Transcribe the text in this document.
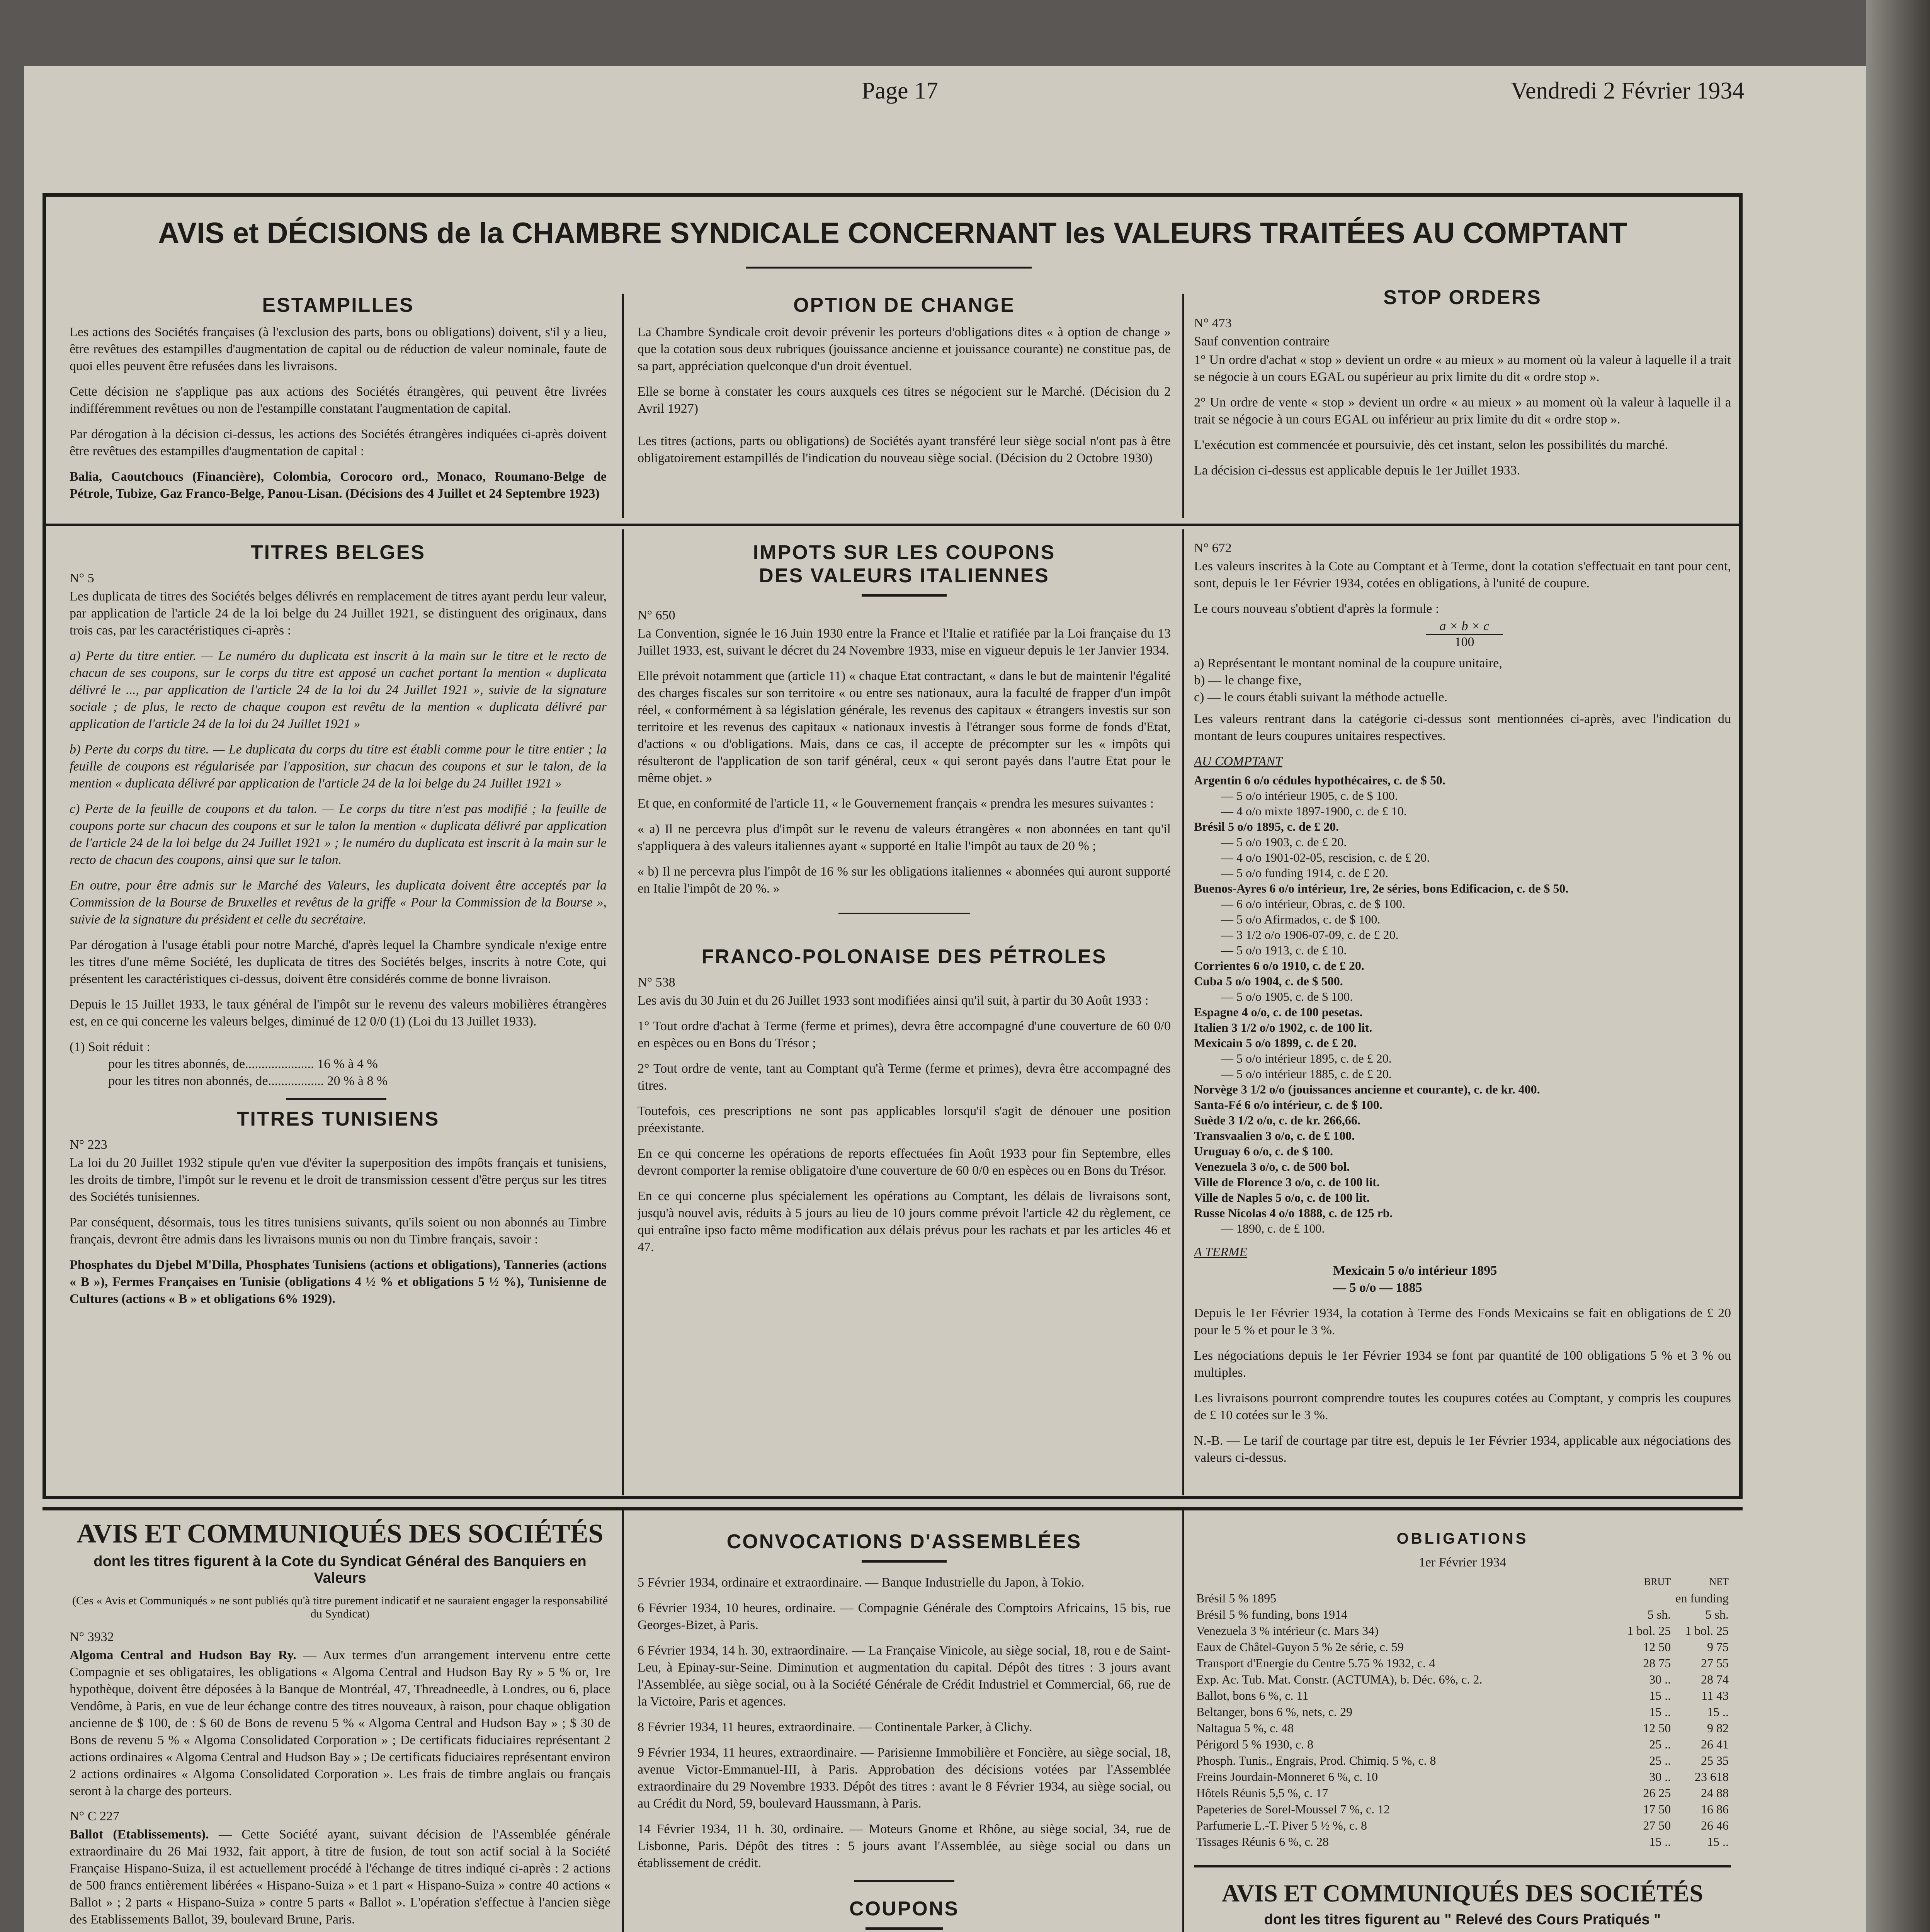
Page 17	Vendredi 2 Février 1934
AVIS et DÉCISIONS de la CHAMBRE SYNDICALE CONCERNANT les VALEURS TRAITÉES AU COMPTANT
ESTAMPILLES

Les actions des Sociétés françaises (à l'exclusion des parts, bons ou obligations) doivent, s'il y a lieu, être revêtues des estampilles d'augmentation de capital ou de réduction de valeur nominale, faute de quoi elles peuvent être refusées dans les livraisons.

Cette décision ne s'applique pas aux actions des Sociétés étrangères, qui peuvent être livrées indifféremment revêtues ou non de l'estampille constatant l'augmentation de capital.

Par dérogation à la décision ci-dessus, les actions des Sociétés étrangères indiquées ci-après doivent être revêtues des estampilles d'augmentation de capital :

Balia, Caoutchoucs (Financière), Colombia, Corocoro ord., Monaco, Roumano-Belge de Pétrole, Tubize, Gaz Franco-Belge, Panou-Lisan. (Décisions des 4 Juillet et 24 Septembre 1923)

OPTION DE CHANGE

La Chambre Syndicale croit devoir prévenir les porteurs d'obligations dites « à option de change » que la cotation sous deux rubriques (jouissance ancienne et jouissance courante) ne constitue pas, de sa part, appréciation quelconque d'un droit éventuel.

Elle se borne à constater les cours auxquels ces titres se négocient sur le Marché. (Décision du 2 Avril 1927)

Les titres (actions, parts ou obligations) de Sociétés ayant transféré leur siège social n'ont pas à être obligatoirement estampillés de l'indication du nouveau siège social. (Décision du 2 Octobre 1930)

STOP ORDERS
N° 473

Sauf convention contraire

1° Un ordre d'achat « stop » devient un ordre « au mieux » au moment où la valeur à laquelle il a trait se négocie à un cours EGAL ou supérieur au prix limite du dit « ordre stop ».

2° Un ordre de vente « stop » devient un ordre « au mieux » au moment où la valeur à laquelle il a trait se négocie à un cours EGAL ou inférieur au prix limite du dit « ordre stop ».

L'exécution est commencée et poursuivie, dès cet instant, selon les possibilités du marché.

La décision ci-dessus est applicable depuis le 1er Juillet 1933.

TITRES BELGES
N° 5

Les duplicata de titres des Sociétés belges délivrés en remplacement de titres ayant perdu leur valeur, par application de l'article 24 de la loi belge du 24 Juillet 1921, se distinguent des originaux, dans trois cas, par les caractéristiques ci-après :

a) Perte du titre entier. — Le numéro du duplicata est inscrit à la main sur le titre et le recto de chacun de ses coupons, sur le corps du titre est apposé un cachet portant la mention « duplicata délivré le ..., par application de l'article 24 de la loi du 24 Juillet 1921 », suivie de la signature sociale ; de plus, le recto de chaque coupon est revêtu de la mention « duplicata délivré par application de l'article 24 de la loi du 24 Juillet 1921 »

b) Perte du corps du titre. — Le duplicata du corps du titre est établi comme pour le titre entier ; la feuille de coupons est régularisée par l'apposition, sur chacun des coupons et sur le talon, de la mention « duplicata délivré par application de l'article 24 de la loi belge du 24 Juillet 1921 »

c) Perte de la feuille de coupons et du talon. — Le corps du titre n'est pas modifié ; la feuille de coupons porte sur chacun des coupons et sur le talon la mention « duplicata délivré par application de l'article 24 de la loi belge du 24 Juillet 1921 » ; le numéro du duplicata est inscrit à la main sur le recto de chacun des coupons, ainsi que sur le talon.

En outre, pour être admis sur le Marché des Valeurs, les duplicata doivent être acceptés par la Commission de la Bourse de Bruxelles et revêtus de la griffe « Pour la Commission de la Bourse », suivie de la signature du président et celle du secrétaire.

Par dérogation à l'usage établi pour notre Marché, d'après lequel la Chambre syndicale n'exige entre les titres d'une même Société, les duplicata de titres des Sociétés belges, inscrits à notre Cote, qui présentent les caractéristiques ci-dessus, doivent être considérés comme de bonne livraison.

Depuis le 15 Juillet 1933, le taux général de l'impôt sur le revenu des valeurs mobilières étrangères est, en ce qui concerne les valeurs belges, diminué de 12 0/0 (1) (Loi du 13 Juillet 1933).

(1) Soit réduit :

pour les titres abonnés, de..................... 16 % à 4 %

pour les titres non abonnés, de................. 20 % à 8 %

TITRES TUNISIENS
N° 223

La loi du 20 Juillet 1932 stipule qu'en vue d'éviter la superposition des impôts français et tunisiens, les droits de timbre, l'impôt sur le revenu et le droit de transmission cessent d'être perçus sur les titres des Sociétés tunisiennes.

Par conséquent, désormais, tous les titres tunisiens suivants, qu'ils soient ou non abonnés au Timbre français, devront être admis dans les livraisons munis ou non du Timbre français, savoir :

Phosphates du Djebel M'Dilla, Phosphates Tunisiens (actions et obligations), Tanneries (actions « B »), Fermes Françaises en Tunisie (obligations 4 ½ % et obligations 5 ½ %), Tunisienne de Cultures (actions « B » et obligations 6% 1929).

IMPOTS SUR LES COUPONS
DES VALEURS ITALIENNES
N° 650

La Convention, signée le 16 Juin 1930 entre la France et l'Italie et ratifiée par la Loi française du 13 Juillet 1933, est, suivant le décret du 24 Novembre 1933, mise en vigueur depuis le 1er Janvier 1934.

Elle prévoit notamment que (article 11) « chaque Etat contractant, « dans le but de maintenir l'égalité des charges fiscales sur son territoire « ou entre ses nationaux, aura la faculté de frapper d'un impôt réel, « conformément à sa législation générale, les revenus des capitaux « étrangers investis sur son territoire et les revenus des capitaux « nationaux investis à l'étranger sous forme de fonds d'Etat, d'actions « ou d'obligations. Mais, dans ce cas, il accepte de précompter sur les « impôts qui résulteront de l'application de son tarif général, ceux « qui seront payés dans l'autre Etat pour le même objet. »

Et que, en conformité de l'article 11, « le Gouvernement français « prendra les mesures suivantes :

« a) Il ne percevra plus d'impôt sur le revenu de valeurs étrangères « non abonnées en tant qu'il s'appliquera à des valeurs italiennes ayant « supporté en Italie l'impôt au taux de 20 % ;

« b) Il ne percevra plus l'impôt de 16 % sur les obligations italiennes « abonnées qui auront supporté en Italie l'impôt de 20 %. »

FRANCO-POLONAISE DES PÉTROLES
N° 538

Les avis du 30 Juin et du 26 Juillet 1933 sont modifiées ainsi qu'il suit, à partir du 30 Août 1933 :

1° Tout ordre d'achat à Terme (ferme et primes), devra être accompagné d'une couverture de 60 0/0 en espèces ou en Bons du Trésor ;

2° Tout ordre de vente, tant au Comptant qu'à Terme (ferme et primes), devra être accompagné des titres.

Toutefois, ces prescriptions ne sont pas applicables lorsqu'il s'agit de dénouer une position préexistante.

En ce qui concerne les opérations de reports effectuées fin Août 1933 pour fin Septembre, elles devront comporter la remise obligatoire d'une couverture de 60 0/0 en espèces ou en Bons du Trésor.

En ce qui concerne plus spécialement les opérations au Comptant, les délais de livraisons sont, jusqu'à nouvel avis, réduits à 5 jours au lieu de 10 jours comme prévoit l'article 42 du règlement, ce qui entraîne ipso facto même modification aux délais prévus pour les rachats et par les articles 46 et 47.

N° 672

Les valeurs inscrites à la Cote au Comptant et à Terme, dont la cotation s'effectuait en tant pour cent, sont, depuis le 1er Février 1934, cotées en obligations, à l'unité de coupure.

Le cours nouveau s'obtient d'après la formule :

a × b × c
100

a) Représentant le montant nominal de la coupure unitaire,

b) — le change fixe,

c) — le cours établi suivant la méthode actuelle.

Les valeurs rentrant dans la catégorie ci-dessus sont mentionnées ci-après, avec l'indication du montant de leurs coupures unitaires respectives.

AU COMPTANT

Argentin 6 o/o cédules hypothécaires, c. de $ 50.
— 5 o/o intérieur 1905, c. de $ 100.
— 4 o/o mixte 1897-1900, c. de £ 10.
Brésil 5 o/o 1895, c. de £ 20.
— 5 o/o 1903, c. de £ 20.
— 4 o/o 1901-02-05, rescision, c. de £ 20.
— 5 o/o funding 1914, c. de £ 20.
Buenos-Ayres 6 o/o intérieur, 1re, 2e séries, bons Edificacion, c. de $ 50.
— 6 o/o intérieur, Obras, c. de $ 100.
— 5 o/o Afirmados, c. de $ 100.
— 3 1/2 o/o 1906-07-09, c. de £ 20.
— 5 o/o 1913, c. de £ 10.
Corrientes 6 o/o 1910, c. de £ 20.
Cuba 5 o/o 1904, c. de $ 500.
— 5 o/o 1905, c. de $ 100.
Espagne 4 o/o, c. de 100 pesetas.
Italien 3 1/2 o/o 1902, c. de 100 lit.
Mexicain 5 o/o 1899, c. de £ 20.
— 5 o/o intérieur 1895, c. de £ 20.
— 5 o/o intérieur 1885, c. de £ 20.
Norvège 3 1/2 o/o (jouissances ancienne et courante), c. de kr. 400.
Santa-Fé 6 o/o intérieur, c. de $ 100.
Suède 3 1/2 o/o, c. de kr. 266,66.
Transvaalien 3 o/o, c. de £ 100.
Uruguay 6 o/o, c. de $ 100.
Venezuela 3 o/o, c. de 500 bol.
Ville de Florence 3 o/o, c. de 100 lit.
Ville de Naples 5 o/o, c. de 100 lit.
Russe Nicolas 4 o/o 1888, c. de 125 rb.
— 1890, c. de £ 100.

A TERME

Mexicain 5 o/o intérieur 1895

— 5 o/o — 1885

Depuis le 1er Février 1934, la cotation à Terme des Fonds Mexicains se fait en obligations de £ 20 pour le 5 % et pour le 3 %.

Les négociations depuis le 1er Février 1934 se font par quantité de 100 obligations 5 % et 3 % ou multiples.

Les livraisons pourront comprendre toutes les coupures cotées au Comptant, y compris les coupures de £ 10 cotées sur le 3 %.

N.-B. — Le tarif de courtage par titre est, depuis le 1er Février 1934, applicable aux négociations des valeurs ci-dessus.

AVIS ET COMMUNIQUÉS DES SOCIÉTÉS
dont les titres figurent à la Cote du Syndicat Général des Banquiers en Valeurs
(Ces « Avis et Communiqués » ne sont publiés qu'à titre purement indicatif et ne sauraient engager la responsabilité du Syndicat)
N° 3932

Algoma Central and Hudson Bay Ry. — Aux termes d'un arrangement intervenu entre cette Compagnie et ses obligataires, les obligations « Algoma Central and Hudson Bay Ry » 5 % or, 1re hypothèque, doivent être déposées à la Banque de Montréal, 47, Threadneedle, à Londres, ou 6, place Vendôme, à Paris, en vue de leur échange contre des titres nouveaux, à raison, pour chaque obligation ancienne de $ 100, de : $ 60 de Bons de revenu 5 % « Algoma Central and Hudson Bay » ; $ 30 de Bons de revenu 5 % « Algoma Consolidated Corporation » ; De certificats fiduciaires représentant 2 actions ordinaires « Algoma Central and Hudson Bay » ; De certificats fiduciaires représentant environ 2 actions ordinaires « Algoma Consolidated Corporation ». Les frais de timbre anglais ou français seront à la charge des porteurs.

N° C 227

Ballot (Etablissements). — Cette Société ayant, suivant décision de l'Assemblée générale extraordinaire du 26 Mai 1932, fait apport, à titre de fusion, de tout son actif social à la Société Française Hispano-Suiza, il est actuellement procédé à l'échange de titres indiqué ci-après : 2 actions de 500 francs entièrement libérées « Hispano-Suiza » et 1 part « Hispano-Suiza » contre 40 actions « Ballot » ; 2 parts « Hispano-Suiza » contre 5 parts « Ballot ». L'opération s'effectue à l'ancien siège des Etablissements Ballot, 39, boulevard Brune, Paris.

CONVOCATIONS D'ASSEMBLÉES

5 Février 1934, ordinaire et extraordinaire. — Banque Industrielle du Japon, à Tokio.

6 Février 1934, 10 heures, ordinaire. — Compagnie Générale des Comptoirs Africains, 15 bis, rue Georges-Bizet, à Paris.

6 Février 1934, 14 h. 30, extraordinaire. — La Française Vinicole, au siège social, 18, rou e de Saint-Leu, à Epinay-sur-Seine. Diminution et augmentation du capital. Dépôt des titres : 3 jours avant l'Assemblée, au siège social, ou à la Société Générale de Crédit Industriel et Commercial, 66, rue de la Victoire, Paris et agences.

8 Février 1934, 11 heures, extraordinaire. — Continentale Parker, à Clichy.

9 Février 1934, 11 heures, extraordinaire. — Parisienne Immobilière et Foncière, au siège social, 18, avenue Victor-Emmanuel-III, à Paris. Approbation des décisions votées par l'Assemblée extraordinaire du 29 Novembre 1933. Dépôt des titres : avant le 8 Février 1934, au siège social, ou au Crédit du Nord, 59, boulevard Haussmann, à Paris.

14 Février 1934, 11 h. 30, ordinaire. — Moteurs Gnome et Rhône, au siège social, 34, rue de Lisbonne, Paris. Dépôt des titres : 5 jours avant l'Assemblée, au siège social ou dans un établissement de crédit.

COUPONS

OBLIGATIONS
1er Février 1934
	BRUT	NET
Brésil 5 % 1895		en funding
Brésil 5 % funding, bons 1914	5 sh.	5 sh.
Venezuela 3 % intérieur (c. Mars 34)	1 bol. 25	1 bol. 25
Eaux de Châtel-Guyon 5 % 2e série, c. 59	12 50	9 75
Transport d'Energie du Centre 5.75 % 1932, c. 4	28 75	27 55
Exp. Ac. Tub. Mat. Constr. (ACTUMA), b. Déc. 6%, c. 2.	30 ..	28 74
Ballot, bons 6 %, c. 11	15 ..	11 43
Beltanger, bons 6 %, nets, c. 29	15 ..	15 ..
Naltagua 5 %, c. 48	12 50	9 82
Périgord 5 % 1930, c. 8	25 ..	26 41
Phosph. Tunis., Engrais, Prod. Chimiq. 5 %, c. 8	25 ..	25 35
Freins Jourdain-Monneret 6 %, c. 10	30 ..	23 618
Hôtels Réunis 5,5 %, c. 17	26 25	24 88
Papeteries de Sorel-Moussel 7 %, c. 12	17 50	16 86
Parfumerie L.-T. Piver 5 ½ %, c. 8	27 50	26 46
Tissages Réunis 6 %, c. 28	15 ..	15 ..
AVIS ET COMMUNIQUÉS DES SOCIÉTÉS
dont les titres figurent au " Relevé des Cours Pratiqués "
